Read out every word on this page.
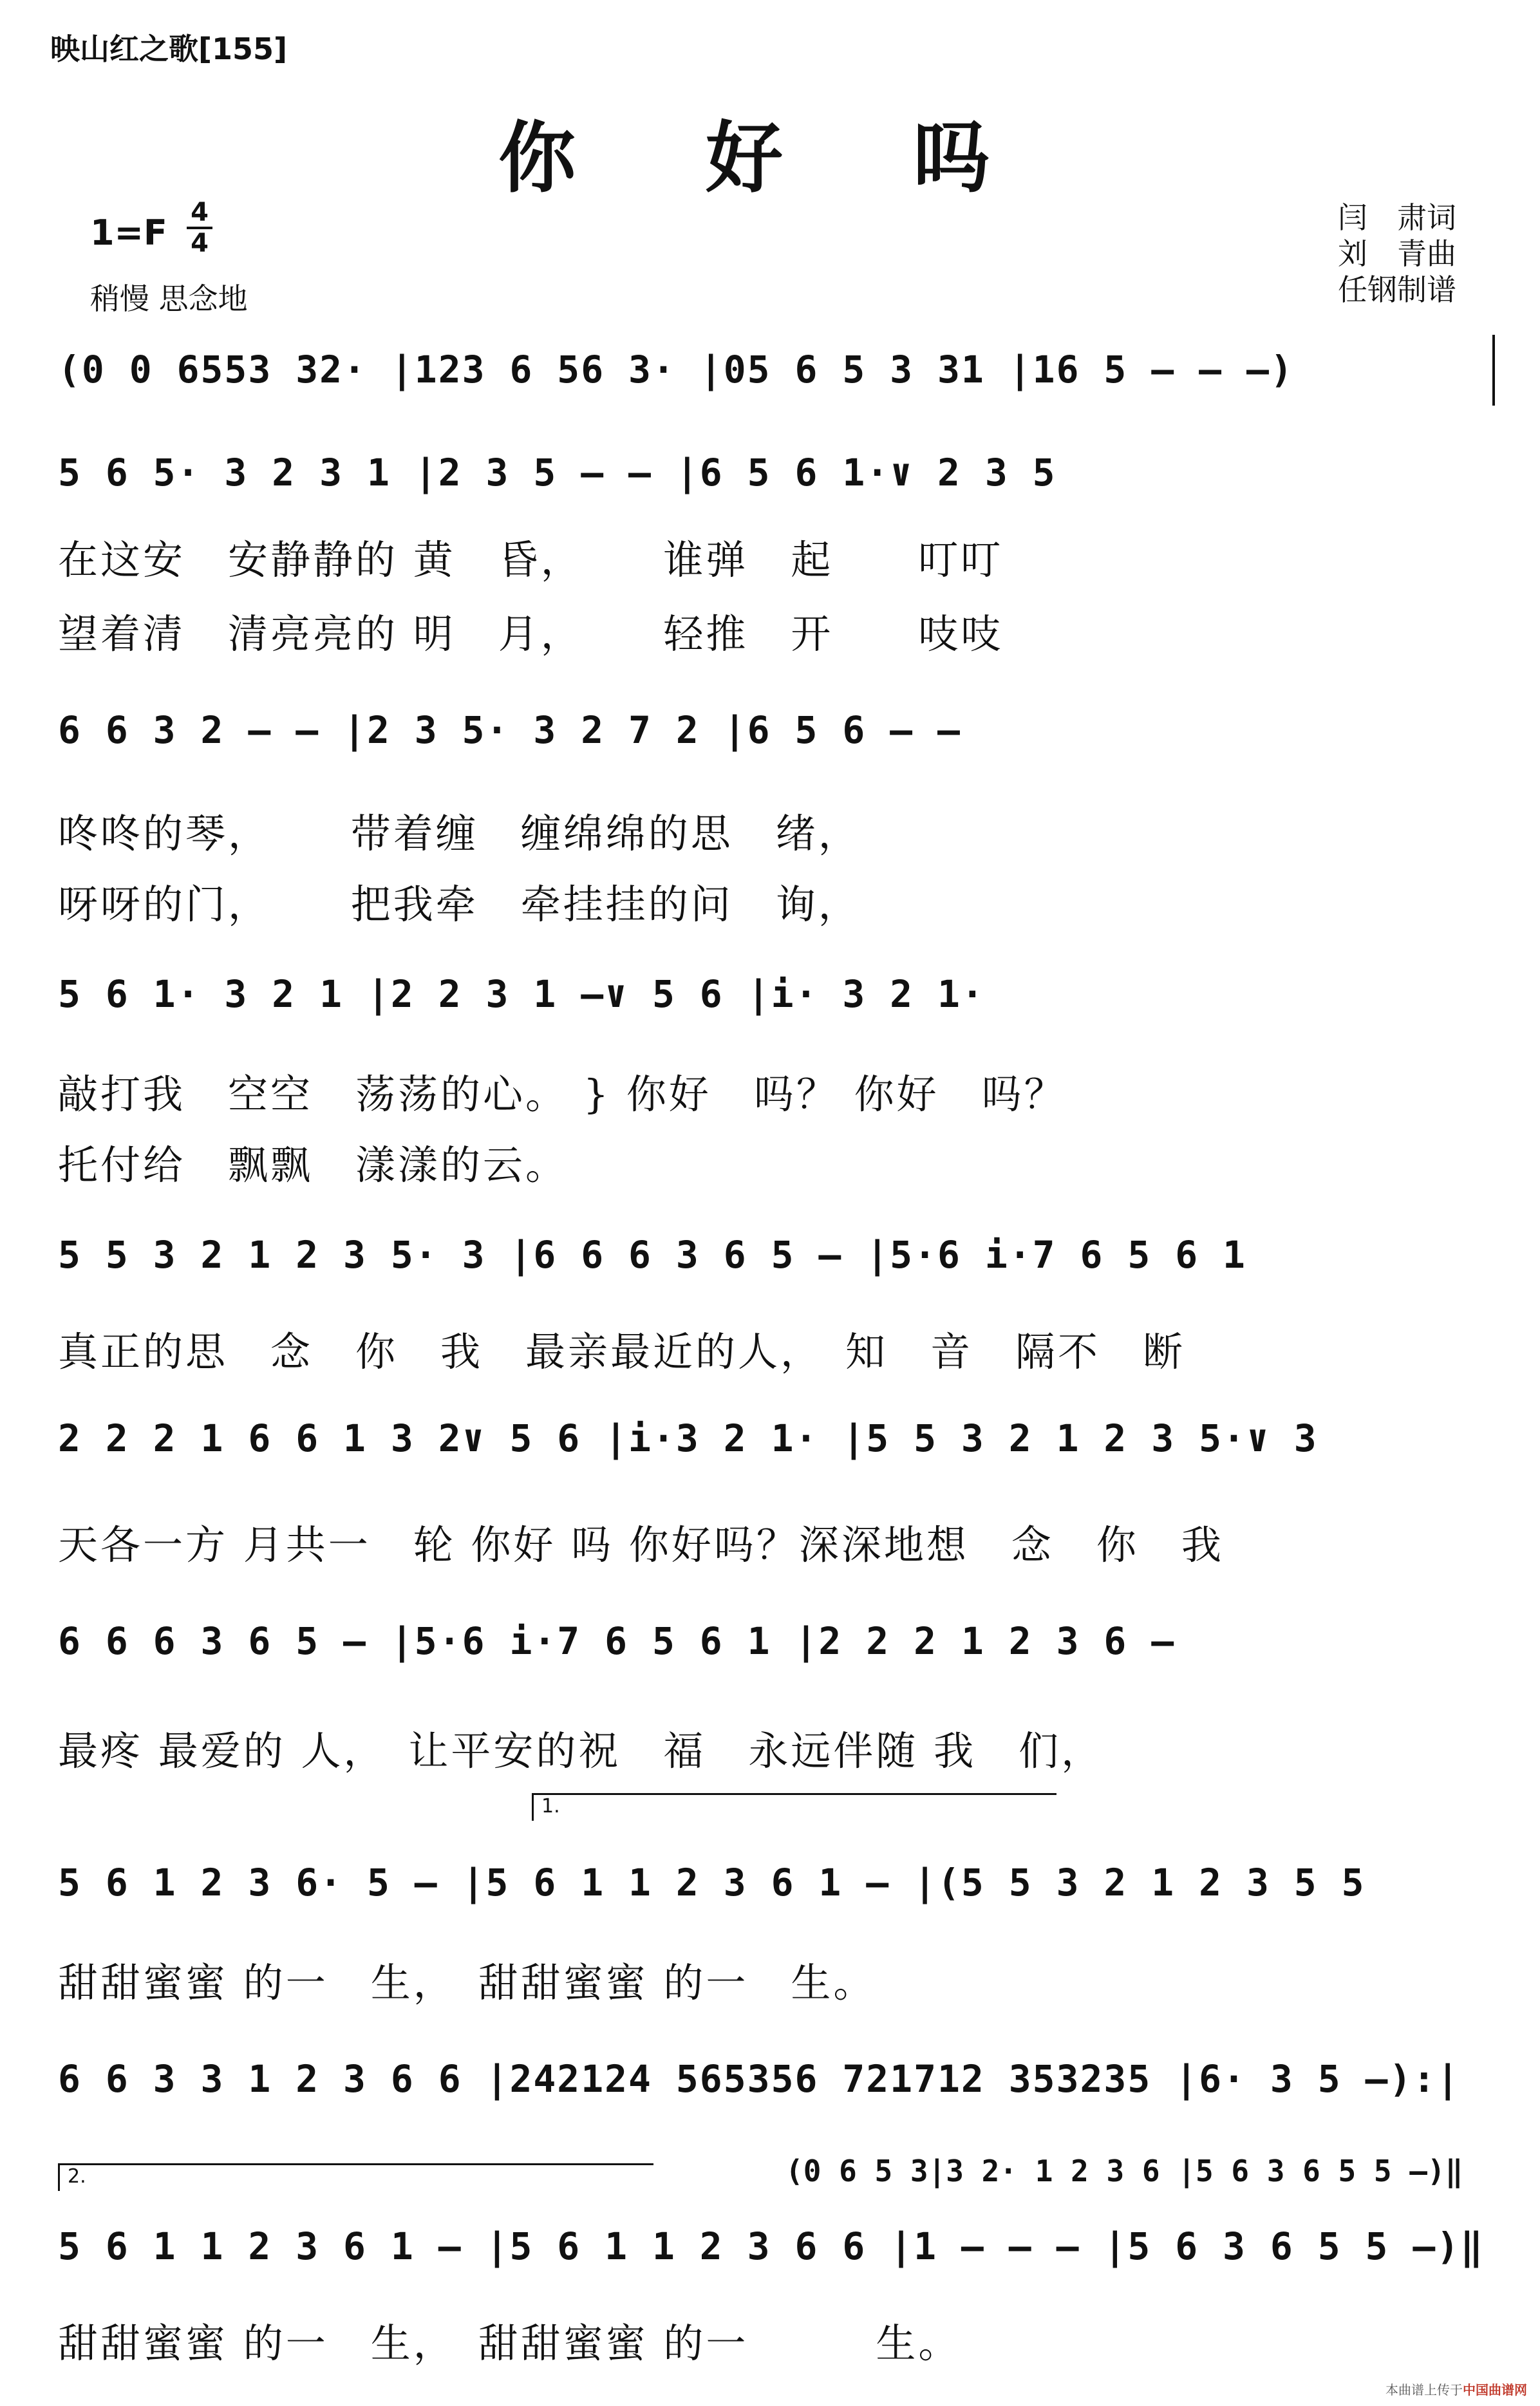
映山红之歌[155]
你 好 吗
1=F 4
4
稍慢 思念地
闫　肃词
刘　青曲
任钢制谱
(0 0 6553 32· |123 6 56 3· |05 6 5 3 31 |16 5 – – –)
5 6 5· 3 2 3 1 |2 3 5 – – |6 5 6 1·∨ 2 3 5
在这安　安静静的 黄　昏，　　 谁弹　起　　叮叮
望着清　清亮亮的 明　月，　　 轻推　开　　吱吱
6 6 3 2 – – |2 3 5· 3 2 7 2 |6 5 6 – –
咚咚的琴，　　 带着缠　缠绵绵的思　绪，
呀呀的门，　　 把我牵　牵挂挂的问　询，
5 6 1· 3 2 1 |2 2 3 1 –∨ 5 6 |i· 3 2 1·
敲打我　空空　荡荡的心。 } 你好　吗？ 你好　吗？
托付给　飘飘　漾漾的云。
5 5 3 2 1 2 3 5· 3 |6 6 6 3 6 5 – |5·6 i·7 6 5 6 1
真正的思　念　你　我　最亲最近的人，　知　音　隔不　断
2 2 2 1 6 6 1 3 2∨ 5 6 |i·3 2 1· |5 5 3 2 1 2 3 5·∨ 3
天各一方 月共一　轮 你好 吗 你好吗？深深地想　念　你　我
6 6 6 3 6 5 – |5·6 i·7 6 5 6 1 |2 2 2 1 2 3 6 –
最疼 最爱的 人，　让平安的祝　福　永远伴随 我　们，
1.
5 6 1 2 3 6· 5 – |5 6 1 1 2 3 6 1 – |(5 5 3 2 1 2 3 5 5
甜甜蜜蜜 的一　生，　甜甜蜜蜜 的一　生。
6 6 3 3 1 2 3 6 6 |242124 565356 721712 353235 |6· 3 5 –):|
2.	(0 6 5 3|3 2· 1 2 3 6 |5 6 3 6 5 5 –)‖
5 6 1 1 2 3 6 1 – |5 6 1 1 2 3 6 6 |1 – – – |5 6 3 6 5 5 –)‖
甜甜蜜蜜 的一　生，　甜甜蜜蜜 的一　　　生。
本曲谱上传于中国曲谱网
